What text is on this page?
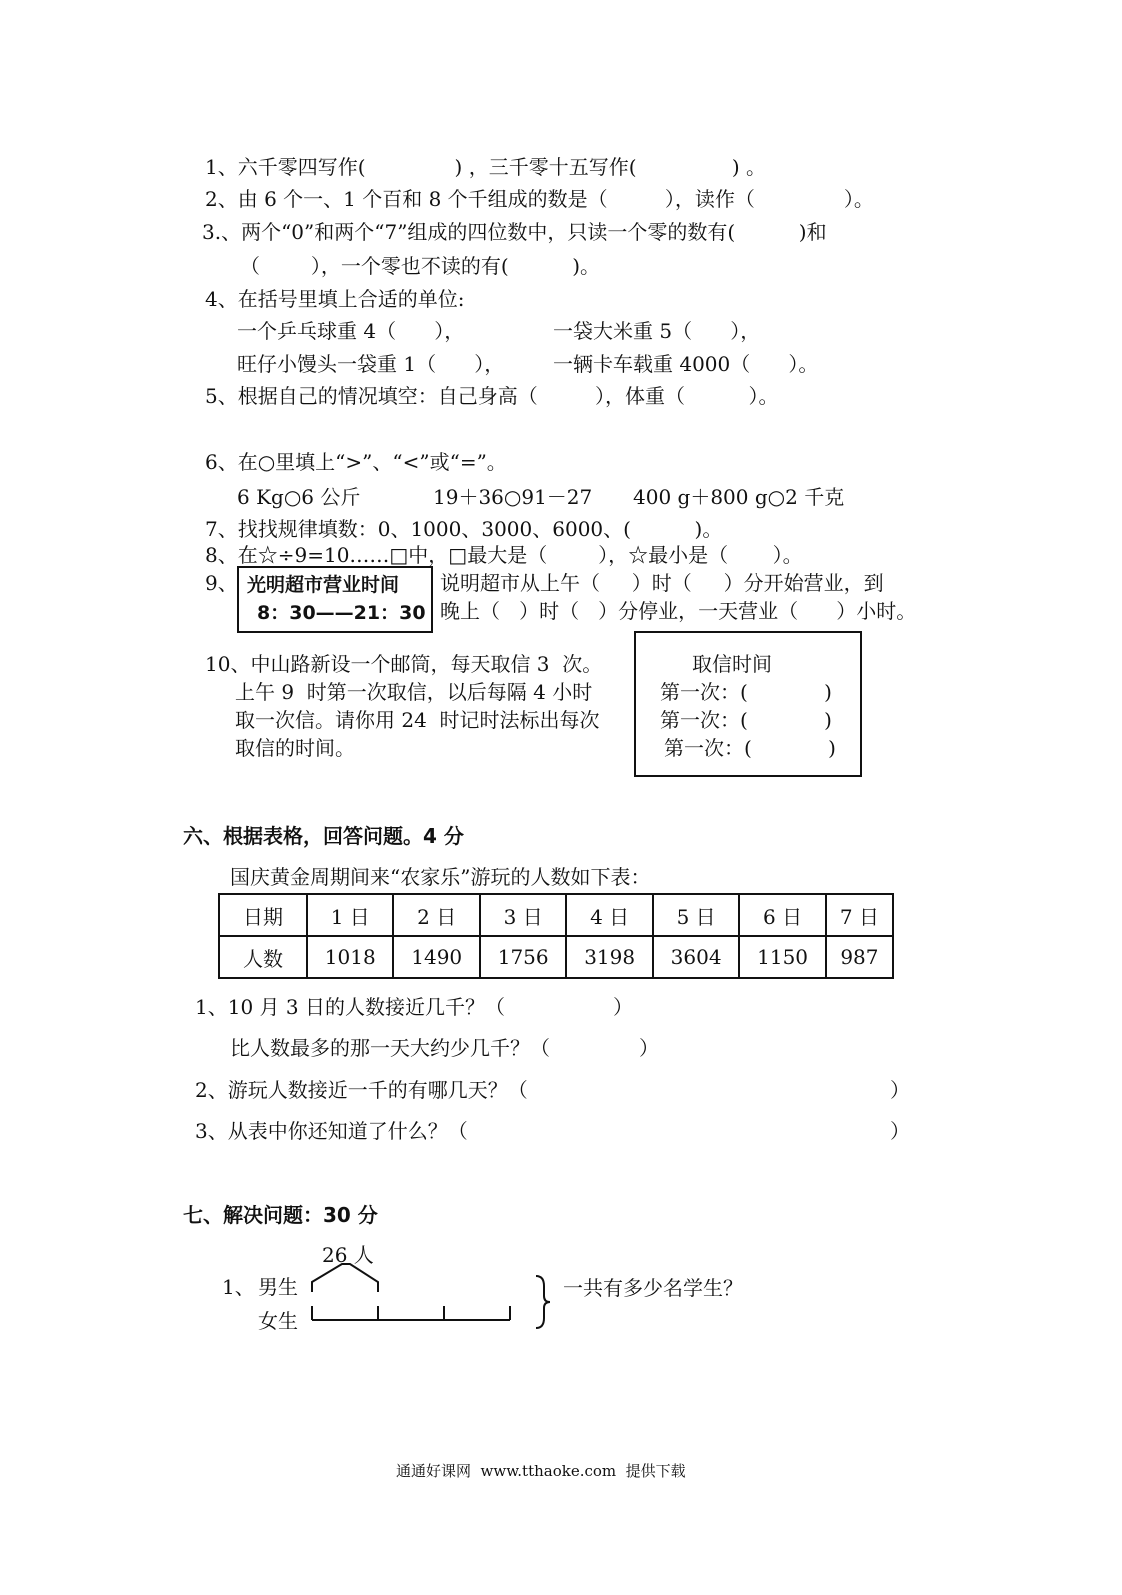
1、六千零四写作(              ) ，三千零十五写作(               ) 。
2、由 6 个一、1 个百和 8 个千组成的数是（         ），读作（              ）。
3.、两个“0”和两个“7”组成的四位数中，只读一个零的数有(          )和
（        ），一个零也不读的有(          )。
4、在括号里填上合适的单位:
一个乒乓球重 4（      ），	一袋大米重 5（      ），
旺仔小馒头一袋重 1（      ）， 一辆卡车载重 4000（      ）。
5、根据自己的情况填空：自己身高（         ），体重（          ）。
6、在○里填上“>”、“<”或“=”。
6 Kg○6 公斤	19＋36○91－27 400 g＋800 g○2 千克
7、找找规律填数：0、1000、3000、6000、(          )。
8、在☆÷9=10……□中，□最大是（        ），☆最小是（       ）。
9、 光明超市营业时间
8：30——21：30
说明超市从上午（     ）时（     ）分开始营业，到
晚上（   ）时（   ）分停业，一天营业（      ）小时。
10、中山路新设一个邮筒，每天取信 3  次。
上午 9  时第一次取信，以后每隔 4 小时
取一次信。请你用 24  时记时法标出每次
取信的时间。
取信时间
第一次：(            )
第一次：(            )
第一次：(            )
六、根据表格，回答问题。4 分
国庆黄金周期间来“农家乐”游玩的人数如下表：
日期	1 日	2 日	3 日	4 日	5 日	6 日	7 日
人数	1018	1490	1756	3198	3604	1150	987
1、10 月 3 日的人数接近几千？（                 ）
比人数最多的那一天大约少几千？（              ）
2、游玩人数接近一千的有哪几天？（	）
3、从表中你还知道了什么？（	）
七、解决问题：30 分
1、
26 人
男生
女生
一共有多少名学生？
通通好课网  www.tthaoke.com  提供下载
